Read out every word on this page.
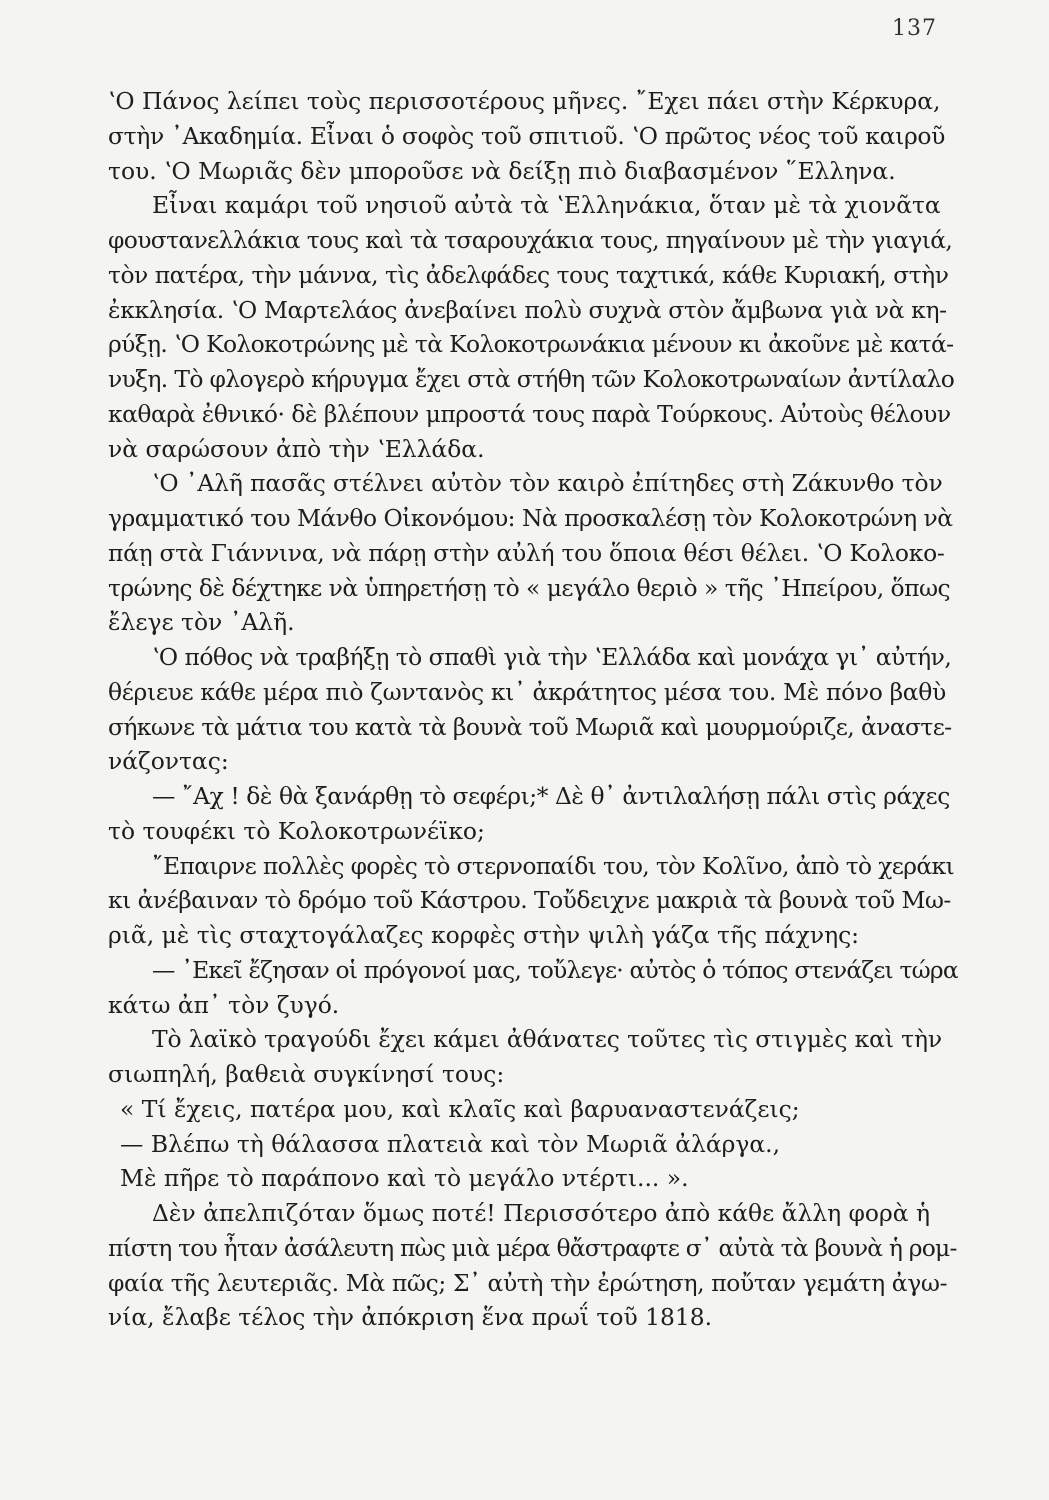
137
ʽΟ Πάνος λείπει τοὺς περισσοτέρους μῆνες. ῎Εχει πάει στὴν Κέρκυρα,
στὴν ᾿Ακαδημία. Εἶναι ὁ σοφὸς τοῦ σπιτιοῦ. ʽΟ πρῶτος νέος τοῦ καιροῦ
του. ʽΟ Μωριᾶς δὲν μποροῦσε νὰ δείξῃ πιὸ διαβασμένον ῞Ελληνα.
Εἶναι καμάρι τοῦ νησιοῦ αὐτὰ τὰ ʽΕλληνάκια, ὅταν μὲ τὰ χιονᾶτα
φουστανελλάκια τους καὶ τὰ τσαρουχάκια τους, πηγαίνουν μὲ τὴν γιαγιά,
τὸν πατέρα, τὴν μάννα, τὶς ἀδελφάδες τους ταχτικά, κάθε Κυριακή, στὴν
ἐκκλησία. ʽΟ Μαρτελάος ἀνεβαίνει πολὺ συχνὰ στὸν ἄμβωνα γιὰ νὰ κη-
ρύξῃ. ʽΟ Κολοκοτρώνης μὲ τὰ Κολοκοτρωνάκια μένουν κι ἀκοῦνε μὲ κατά-
νυξη. Τὸ φλογερὸ κήρυγμα ἔχει στὰ στήθη τῶν Κολοκοτρωναίων ἀντίλαλο
καθαρὰ ἐθνικό· δὲ βλέπουν μπροστά τους παρὰ Τούρκους. Αὐτοὺς θέλουν
νὰ σαρώσουν ἀπὸ τὴν ʽΕλλάδα.
ʽΟ ᾿Αλῆ πασᾶς στέλνει αὐτὸν τὸν καιρὸ ἐπίτηδες στὴ Ζάκυνθο τὸν
γραμματικό του Μάνθο Οἰκονόμου: Νὰ προσκαλέσῃ τὸν Κολοκοτρώνη νὰ
πάῃ στὰ Γιάννινα, νὰ πάρῃ στὴν αὐλή του ὅποια θέσι θέλει. ʽΟ Κολοκο-
τρώνης δὲ δέχτηκε νὰ ὑπηρετήσῃ τὸ « μεγάλο θεριὸ » τῆς ᾿Ηπείρου, ὅπως
ἔλεγε τὸν ᾿Αλῆ.
ʽΟ πόθος νὰ τραβήξῃ τὸ σπαθὶ γιὰ τὴν ʽΕλλάδα καὶ μονάχα γι᾿ αὐτήν,
θέριευε κάθε μέρα πιὸ ζωντανὸς κι᾿ ἀκράτητος μέσα του. Μὲ πόνο βαθὺ
σήκωνε τὰ μάτια του κατὰ τὰ βουνὰ τοῦ Μωριᾶ καὶ μουρμούριζε, ἀναστε-
νάζοντας:
— ῎Αχ ! δὲ θὰ ξανάρθῃ τὸ σεφέρι;* Δὲ θ᾿ ἀντιλαλήσῃ πάλι στὶς ράχες
τὸ τουφέκι τὸ Κολοκοτρωνέϊκο;
῎Επαιρνε πολλὲς φορὲς τὸ στερνοπαίδι του, τὸν Κολῖνο, ἀπὸ τὸ χεράκι
κι ἀνέβαιναν τὸ δρόμο τοῦ Κάστρου. Τοὔδειχνε μακριὰ τὰ βουνὰ τοῦ Μω-
ριᾶ, μὲ τὶς σταχτογάλαζες κορφὲς στὴν ψιλὴ γάζα τῆς πάχνης:
— ᾿Εκεῖ ἔζησαν οἱ πρόγονοί μας, τοὔλεγε· αὐτὸς ὁ τόπος στενάζει τώρα
κάτω ἀπ᾿ τὸν ζυγό.
Τὸ λαϊκὸ τραγούδι ἔχει κάμει ἀθάνατες τοῦτες τὶς στιγμὲς καὶ τὴν
σιωπηλή, βαθειὰ συγκίνησί τους:
« Τί ἔχεις, πατέρα μου, καὶ κλαῖς καὶ βαρυαναστενάζεις;
— Βλέπω τὴ θάλασσα πλατειὰ καὶ τὸν Μωριᾶ ἀλάργα.,
Μὲ πῆρε τὸ παράπονο καὶ τὸ μεγάλο ντέρτι... ».
Δὲν ἀπελπιζόταν ὅμως ποτέ! Περισσότερο ἀπὸ κάθε ἄλλη φορὰ ἡ
πίστη του ἦταν ἀσάλευτη πὼς μιὰ μέρα θἄστραφτε σ᾿ αὐτὰ τὰ βουνὰ ἡ ρομ-
φαία τῆς λευτεριᾶς. Μὰ πῶς; Σ᾿ αὐτὴ τὴν ἐρώτηση, ποὔταν γεμάτη ἀγω-
νία, ἔλαβε τέλος τὴν ἀπόκριση ἕνα πρωΐ τοῦ 1818.
